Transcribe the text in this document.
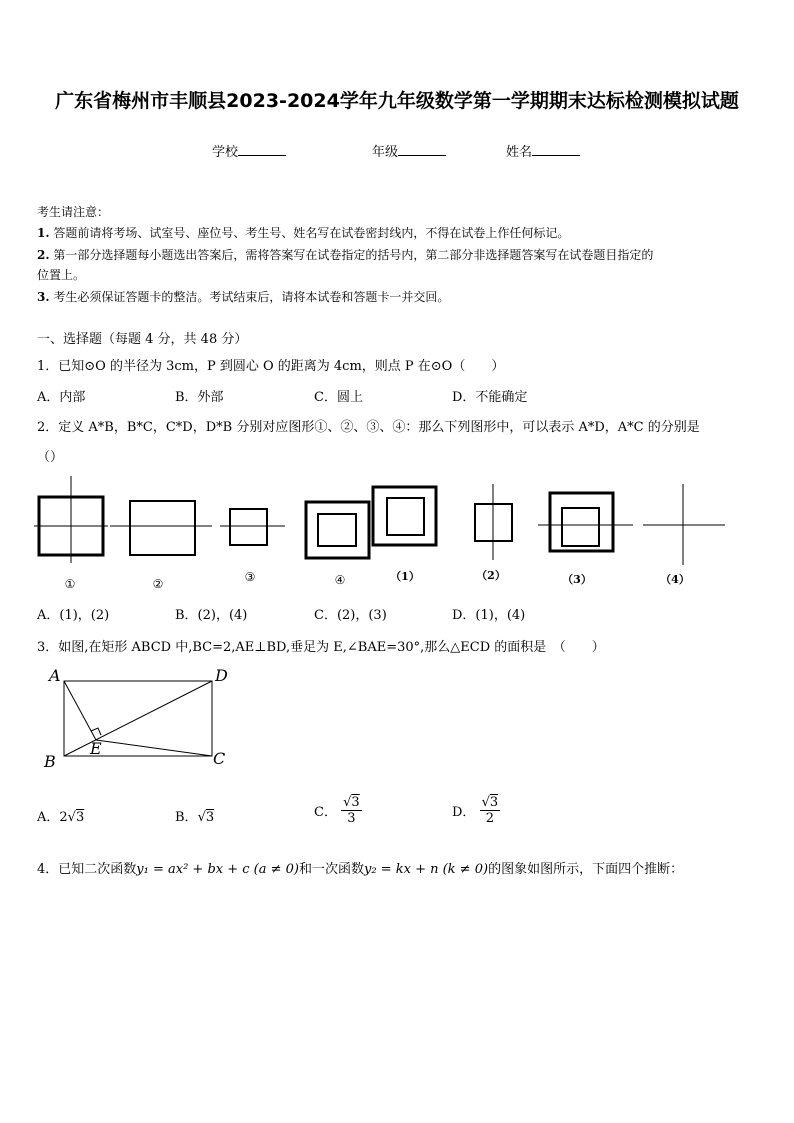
广东省梅州市丰顺县2023-2024学年九年级数学第一学期期末达标检测模拟试题
学校	年级	姓名
考生请注意：
1. 答题前请将考场、试室号、座位号、考生号、姓名写在试卷密封线内，不得在试卷上作任何标记。
2. 第一部分选择题每小题选出答案后，需将答案写在试卷指定的括号内，第二部分非选择题答案写在试卷题目指定的
位置上。
3. 考生必须保证答题卡的整洁。考试结束后，请将本试卷和答题卡一并交回。
一、选择题（每题 4 分，共 48 分）
1．已知⊙O 的半径为 3cm，P 到圆心 O 的距离为 4cm，则点 P 在⊙O（　　）
A．内部	B．外部	C．圆上	D．不能确定
2．定义 A*B，B*C，C*D，D*B 分别对应图形①、②、③、④：那么下列图形中，可以表示 A*D，A*C 的分别是
（）
①	②	③	④	（1）	（2）	（3）	（4）
A．(1)，(2)	B．(2)，(4)	C．(2)，(3)	D．(1)，(4)
3．如图,在矩形 ABCD 中,BC=2,AE⊥BD,垂足为 E,∠BAE=30°,那么△ECD 的面积是　（　　）
A	D
B
E
C
A．2√3	B．√3	C． $\frac{√3}{3}$	D． $\frac{√3}{2}$
4．已知二次函数y₁ = ax² + bx + c (a ≠ 0)和一次函数y₂ = kx + n (k ≠ 0)的图象如图所示，下面四个推断：
